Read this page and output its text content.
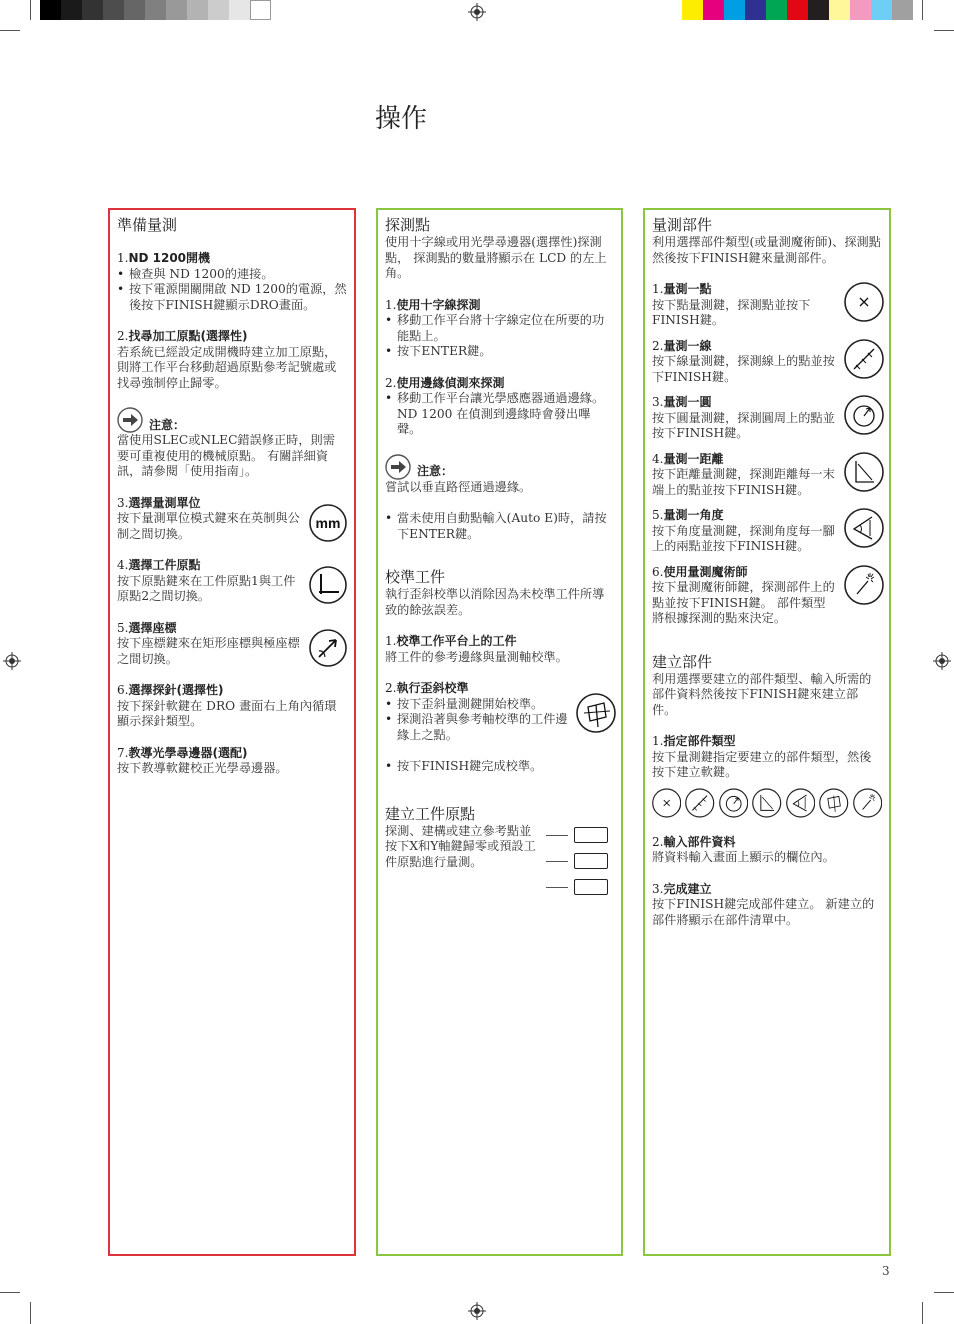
操作
準備量測
1.ND 1200開機
• 檢查與 ND 1200的連接。
• 按下電源開關開啟 ND 1200的電源，然後按下FINISH鍵顯示DRO畫面。
2.找尋加工原點(選擇性)

若系統已經設定成開機時建立加工原點，則將工作平台移動超過原點參考記號處或找尋強制停止歸零。

注意：

當使用SLEC或NLEC錯誤修正時，則需要可重複使用的機械原點。 有關詳細資訊，請參閱「使用指南」。

3.選擇量測單位

按下量測單位模式鍵來在英制與公制之間切換。

mm
4.選擇工件原點

按下原點鍵來在工件原點1與工件原點2之間切換。

5.選擇座標

按下座標鍵來在矩形座標與極座標之間切換。

6.選擇探針(選擇性)

按下探針軟鍵在 DRO 畫面右上角內循環顯示探針類型。

7.教導光學尋邊器(選配)

按下教導軟鍵校正光學尋邊器。

探測點

使用十字線或用光學尋邊器(選擇性)探測點， 探測點的數量將顯示在 LCD 的左上角。

1.使用十字線探測
• 移動工作平台將十字線定位在所要的功能點上。
• 按下ENTER鍵。
2.使用邊緣偵測來探測
• 移動工作平台讓光學感應器通過邊緣。 ND 1200 在偵測到邊緣時會發出嗶聲。
注意：

嘗試以垂直路徑通過邊緣。

• 當未使用自動點輸入(Auto E)時，請按下ENTER鍵。
校準工件

執行歪斜校準以消除因為未校準工件所導致的餘弦誤差。

1.校準工作平台上的工件

將工件的參考邊緣與量測軸校準。

2.執行歪斜校準
• 按下歪斜量測鍵開始校準。
• 探測沿著與參考軸校準的工件邊緣上之點。
• 按下FINISH鍵完成校準。
建立工件原點

探測、建構或建立參考點並按下X和Y軸鍵歸零或預設工件原點進行量測。

量測部件

利用選擇部件類型(或量測魔術師)、探測點然後按下FINISH鍵來量測部件。

1.量測一點

按下點量測鍵，探測點並按下FINISH鍵。

2.量測一線

按下線量測鍵，探測線上的點並按下FINISH鍵。

3.量測一圓

按下圓量測鍵，探測圓周上的點並按下FINISH鍵。

4.量測一距離

按下距離量測鍵，探測距離每一末端上的點並按下FINISH鍵。

5.量測一角度

按下角度量測鍵，探測角度每一腳上的兩點並按下FINISH鍵。

6.使用量測魔術師

按下量測魔術師鍵，探測部件上的點並按下FINISH鍵。 部件類型將根據探測的點來決定。

建立部件

利用選擇要建立的部件類型、輸入所需的部件資料然後按下FINISH鍵來建立部件。

1.指定部件類型

按下量測鍵指定要建立的部件類型，然後按下建立軟鍵。

2.輸入部件資料

將資料輸入畫面上顯示的欄位內。

3.完成建立

按下FINISH鍵完成部件建立。 新建立的部件將顯示在部件清單中。

3
